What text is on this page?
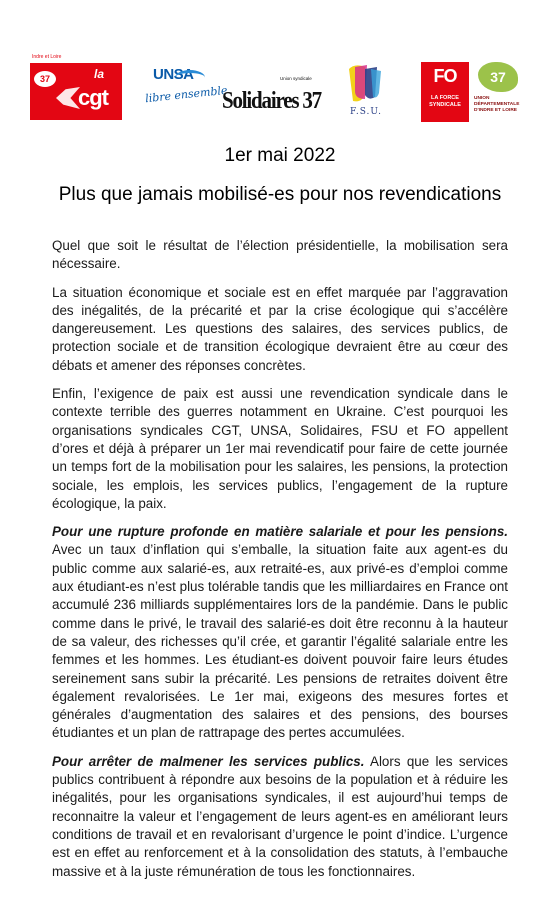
Indre et Loire
37	la
cgt
UNSA
libre ensemble
Union syndicale
Solidaires 37	F.S.U.
FO
LA FORCE SYNDICALE
37
UNION DÉPARTEMENTALE D'INDRE ET LOIRE
1er mai 2022
Plus que jamais mobilisé-es pour nos revendications

Quel que soit le résultat de l’élection présidentielle, la mobilisation sera nécessaire.

La situation économique et sociale est en effet marquée par l’aggravation des inégalités, de la précarité et par la crise écologique qui s’accélère dangereusement. Les questions des salaires, des services publics, de protection sociale et de transition écologique devraient être au cœur des débats et amener des réponses concrètes.

Enfin, l’exigence de paix est aussi une revendication syndicale dans le contexte terrible des guerres notamment en Ukraine. C’est pourquoi les organisations syndicales CGT, UNSA, Solidaires, FSU et FO appellent d’ores et déjà à préparer un 1er mai revendicatif pour faire de cette journée un temps fort de la mobilisation pour les salaires, les pensions, la protection sociale, les emplois, les services publics, l’engagement de la rupture écologique, la paix.

Pour une rupture profonde en matière salariale et pour les pensions. Avec un taux d’inflation qui s’emballe, la situation faite aux agent-es du public comme aux salarié-es, aux retraité-es, aux privé-es d’emploi comme aux étudiant-es n’est plus tolérable tandis que les milliardaires en France ont accumulé 236 milliards supplémentaires lors de la pandémie. Dans le public comme dans le privé, le travail des salarié-es doit être reconnu à la hauteur de sa valeur, des richesses qu’il crée, et garantir l’égalité salariale entre les femmes et les hommes. Les étudiant-es doivent pouvoir faire leurs études sereinement sans subir la précarité. Les pensions de retraites doivent être également revalorisées. Le 1er mai, exigeons des mesures fortes et générales d’augmentation des salaires et des pensions, des bourses étudiantes et un plan de rattrapage des pertes accumulées.

Pour arrêter de malmener les services publics. Alors que les services publics contribuent à répondre aux besoins de la population et à réduire les inégalités, pour les organisations syndicales, il est aujourd’hui temps de reconnaitre la valeur et l’engagement de leurs agent-es en améliorant leurs conditions de travail et en revalorisant d’urgence le point d’indice. L’urgence est en effet au renforcement et à la consolidation des statuts, à l’embauche massive et à la juste rémunération de tous les fonctionnaires.
